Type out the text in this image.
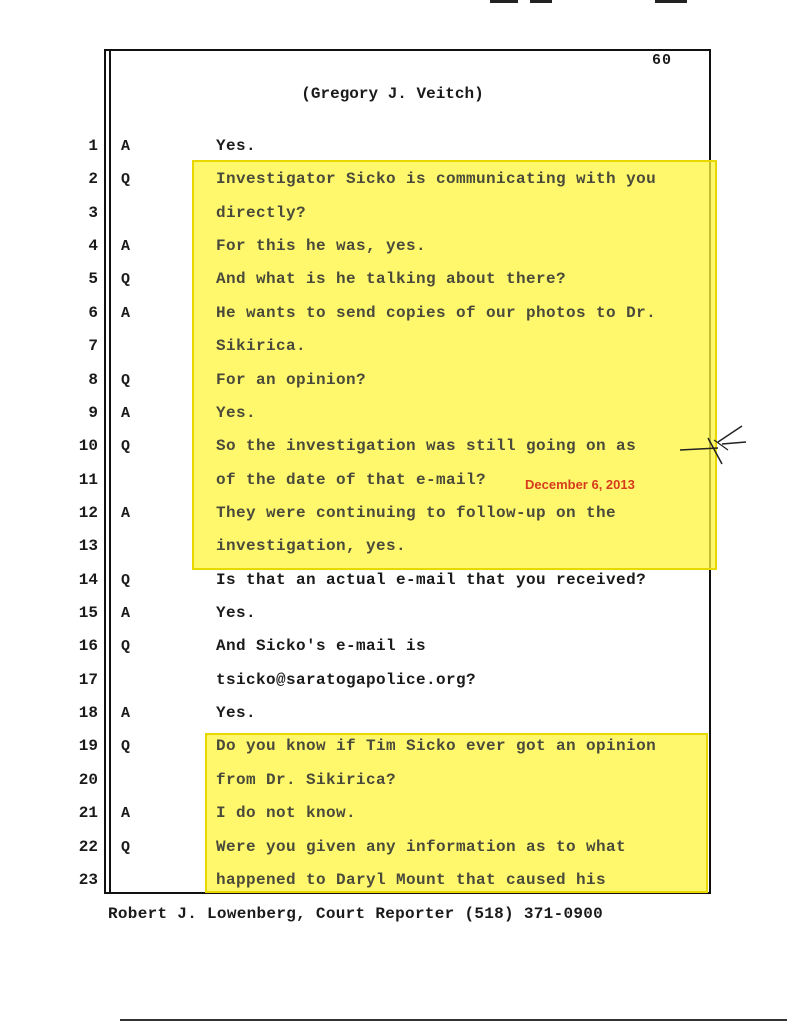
60
(Gregory J. Veitch)
1 A	Yes.
2 Q	Investigator Sicko is communicating with you
3	directly?
4 A	For this he was, yes.
5 Q	And what is he talking about there?
6 A	He wants to send copies of our photos to Dr.
7	Sikirica.
8 Q	For an opinion?
9 A	Yes.
10 Q	So the investigation was still going on as
11	of the date of that e-mail?
12 A	They were continuing to follow-up on the
13	investigation, yes.
14 Q	Is that an actual e-mail that you received?
15 A	Yes.
16 Q	And Sicko's e-mail is
17	tsicko@saratogapolice.org?
18 A	Yes.
19 Q	Do you know if Tim Sicko ever got an opinion
20	from Dr. Sikirica?
21 A	I do not know.
22 Q	Were you given any information as to what
23	happened to Daryl Mount that caused his
December 6, 2013
Robert J. Lowenberg, Court Reporter (518) 371-0900
